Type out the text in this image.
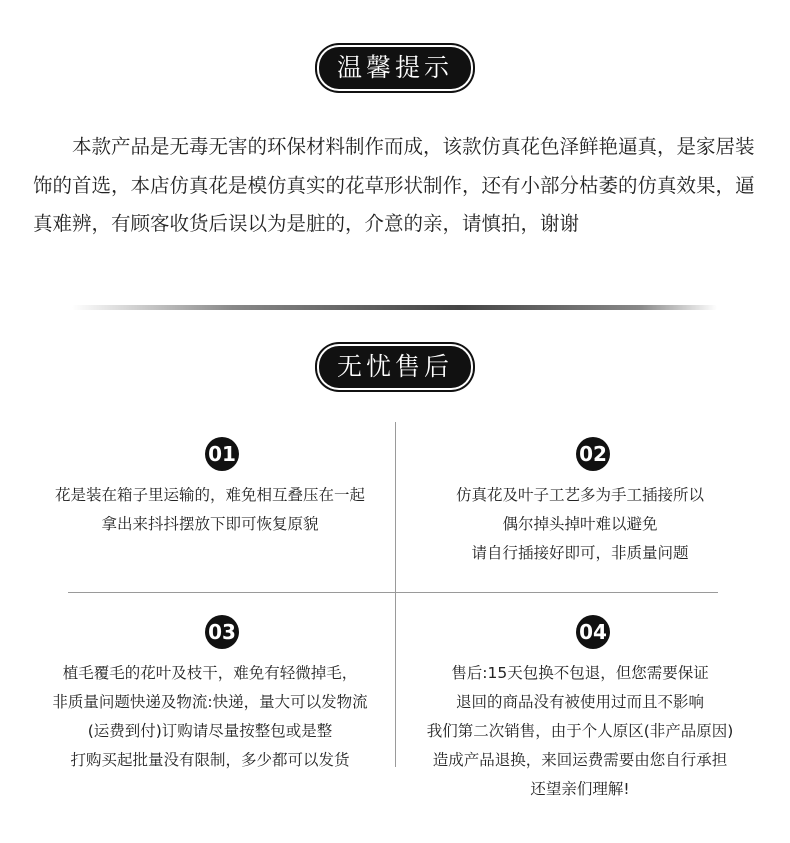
温馨提示

本款产品是无毒无害的环保材料制作而成，该款仿真花色泽鲜艳逼真，是家居装饰的首选，本店仿真花是模仿真实的花草形状制作，还有小部分枯萎的仿真效果，逼真难辨，有顾客收货后误以为是脏的，介意的亲，请慎拍，谢谢

无忧售后
01
花是装在箱子里运输的，难免相互叠压在一起
拿出来抖抖摆放下即可恢复原貌
02
仿真花及叶子工艺多为手工插接所以
偶尔掉头掉叶难以避免
请自行插接好即可，非质量问题
03
植毛覆毛的花叶及枝干，难免有轻微掉毛，
非质量问题快递及物流:快递，量大可以发物流
(运费到付)订购请尽量按整包或是整
打购买起批量没有限制，多少都可以发货
04
售后:15天包换不包退，但您需要保证
退回的商品没有被使用过而且不影响
我们第二次销售，由于个人原区(非产品原因)
造成产品退换，来回运费需要由您自行承担
还望亲们理解!
